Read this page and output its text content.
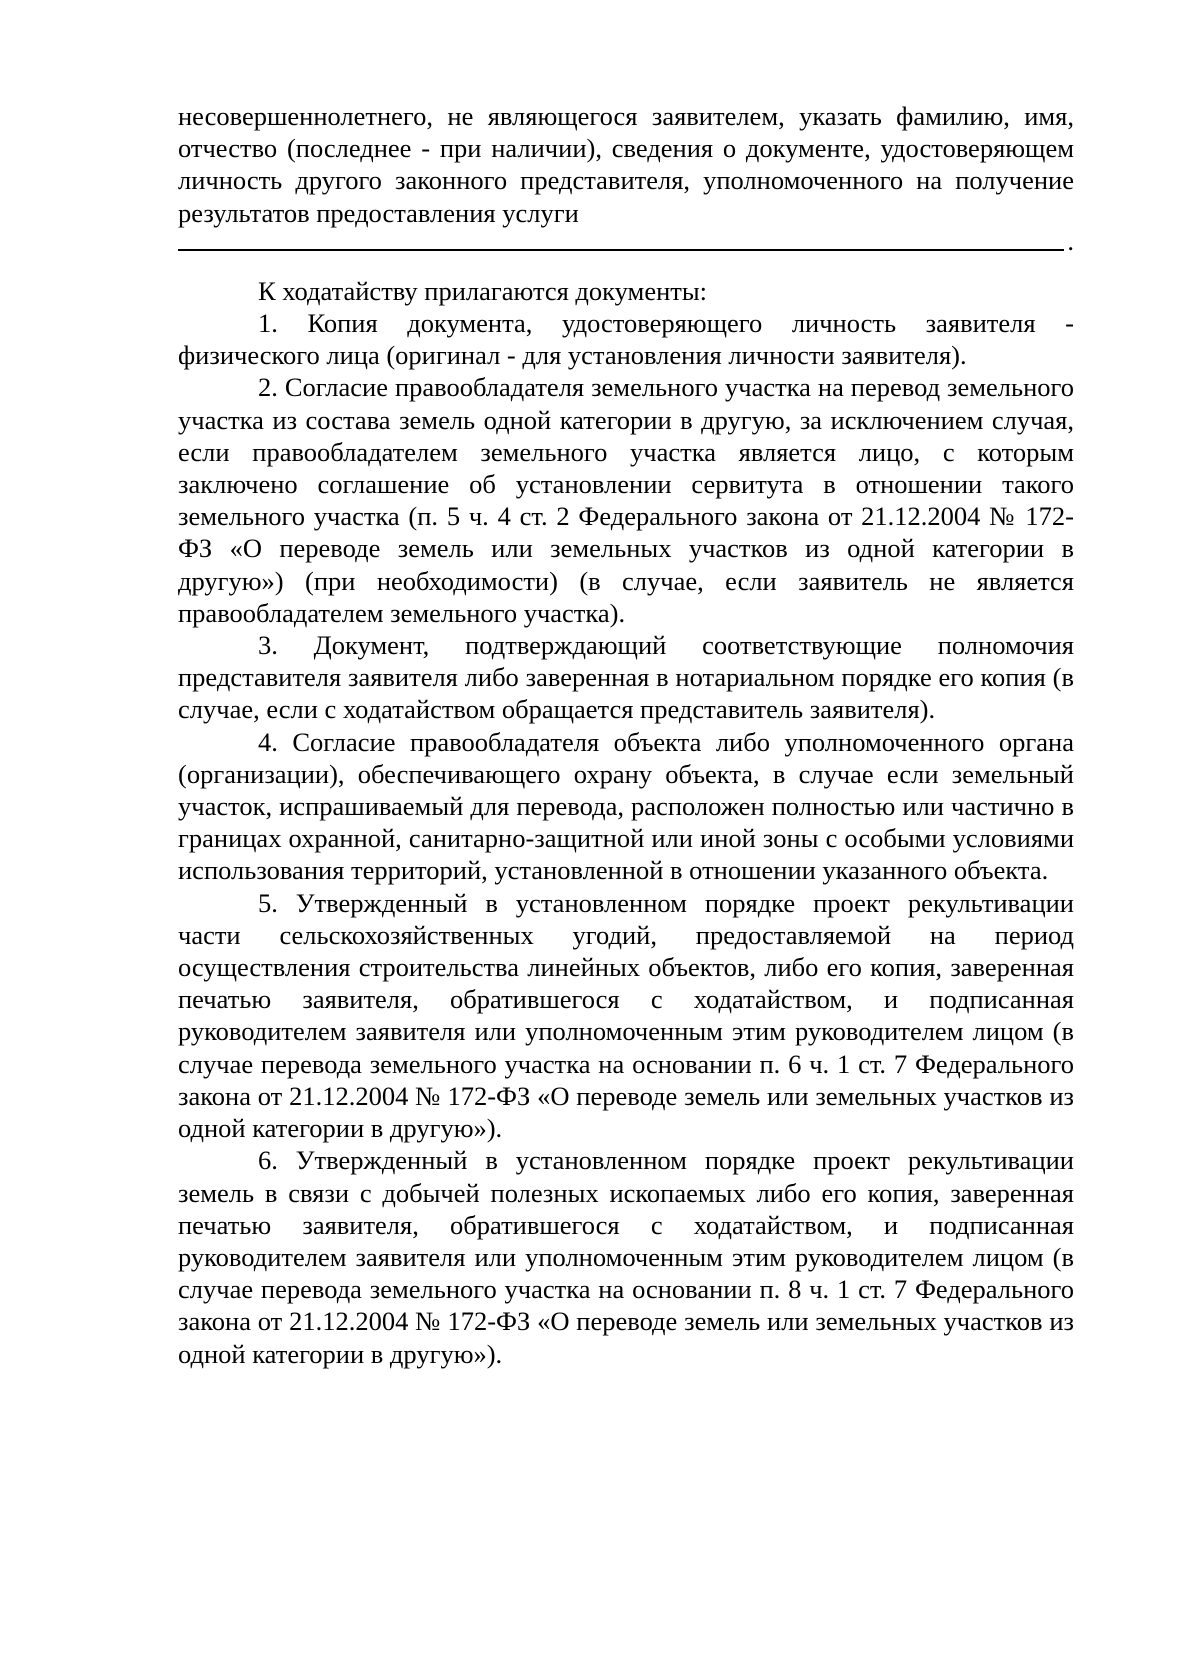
несовершеннолетнего, не являющегося заявителем, указать фамилию, имя, отчество (последнее - при наличии), сведения о документе, удостоверяющем личность другого законного представителя, уполномоченного на получение результатов предоставления услуги

.

К ходатайству прилагаются документы:

1. Копия документа, удостоверяющего личность заявителя - физического лица (оригинал - для установления личности заявителя).

2. Согласие правообладателя земельного участка на перевод земельного участка из состава земель одной категории в другую, за исключением случая, если правообладателем земельного участка является лицо, с которым заключено соглашение об установлении сервитута в отношении такого земельного участка (п. 5 ч. 4 ст. 2 Федерального закона от 21.12.2004 № 172-ФЗ «О переводе земель или земельных участков из одной категории в другую») (при необходимости) (в случае, если заявитель не является правообладателем земельного участка).

3. Документ, подтверждающий соответствующие полномочия представителя заявителя либо заверенная в нотариальном порядке его копия (в случае, если с ходатайством обращается представитель заявителя).

4. Согласие правообладателя объекта либо уполномоченного органа (организации), обеспечивающего охрану объекта, в случае если земельный участок, испрашиваемый для перевода, расположен полностью или частично в границах охранной, санитарно-защитной или иной зоны с особыми условиями использования территорий, установленной в отношении указанного объекта.

5. Утвержденный в установленном порядке проект рекультивации части сельскохозяйственных угодий, предоставляемой на период осуществления строительства линейных объектов, либо его копия, заверенная печатью заявителя, обратившегося с ходатайством, и подписанная руководителем заявителя или уполномоченным этим руководителем лицом (в случае перевода земельного участка на основании п. 6 ч. 1 ст. 7 Федерального закона от 21.12.2004 № 172-ФЗ «О переводе земель или земельных участков из одной категории в другую»).

6. Утвержденный в установленном порядке проект рекультивации земель в связи с добычей полезных ископаемых либо его копия, заверенная печатью заявителя, обратившегося с ходатайством, и подписанная руководителем заявителя или уполномоченным этим руководителем лицом (в случае перевода земельного участка на основании п. 8 ч. 1 ст. 7 Федерального закона от 21.12.2004 № 172-ФЗ «О переводе земель или земельных участков из одной категории в другую»).
